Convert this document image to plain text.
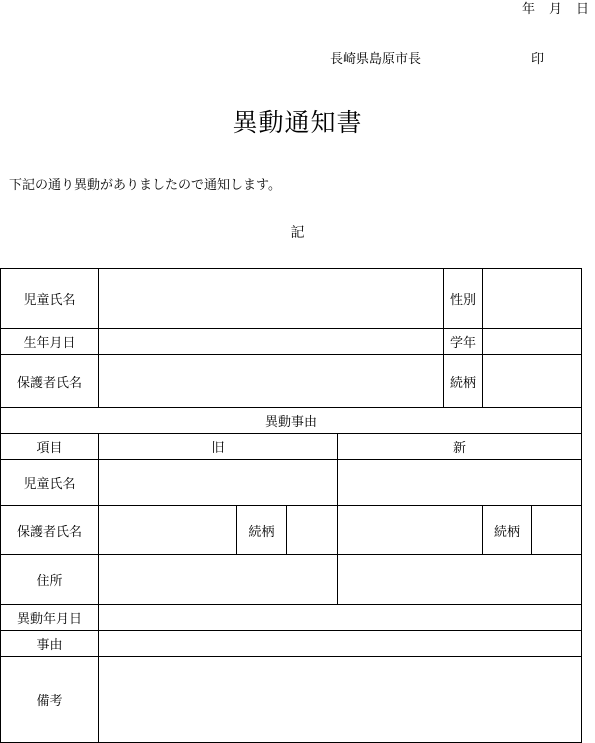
年 月 日
長崎県島原市長	印
異動通知書
下記の通り異動がありましたので通知します。
記
児童氏名					性別		
生年月日					学年		
保護者氏名					続柄		
異動事由							
項目	旧			新			
児童氏名							
保護者氏名		続柄				続柄	
住所							
異動年月日							
事由							
備考							
